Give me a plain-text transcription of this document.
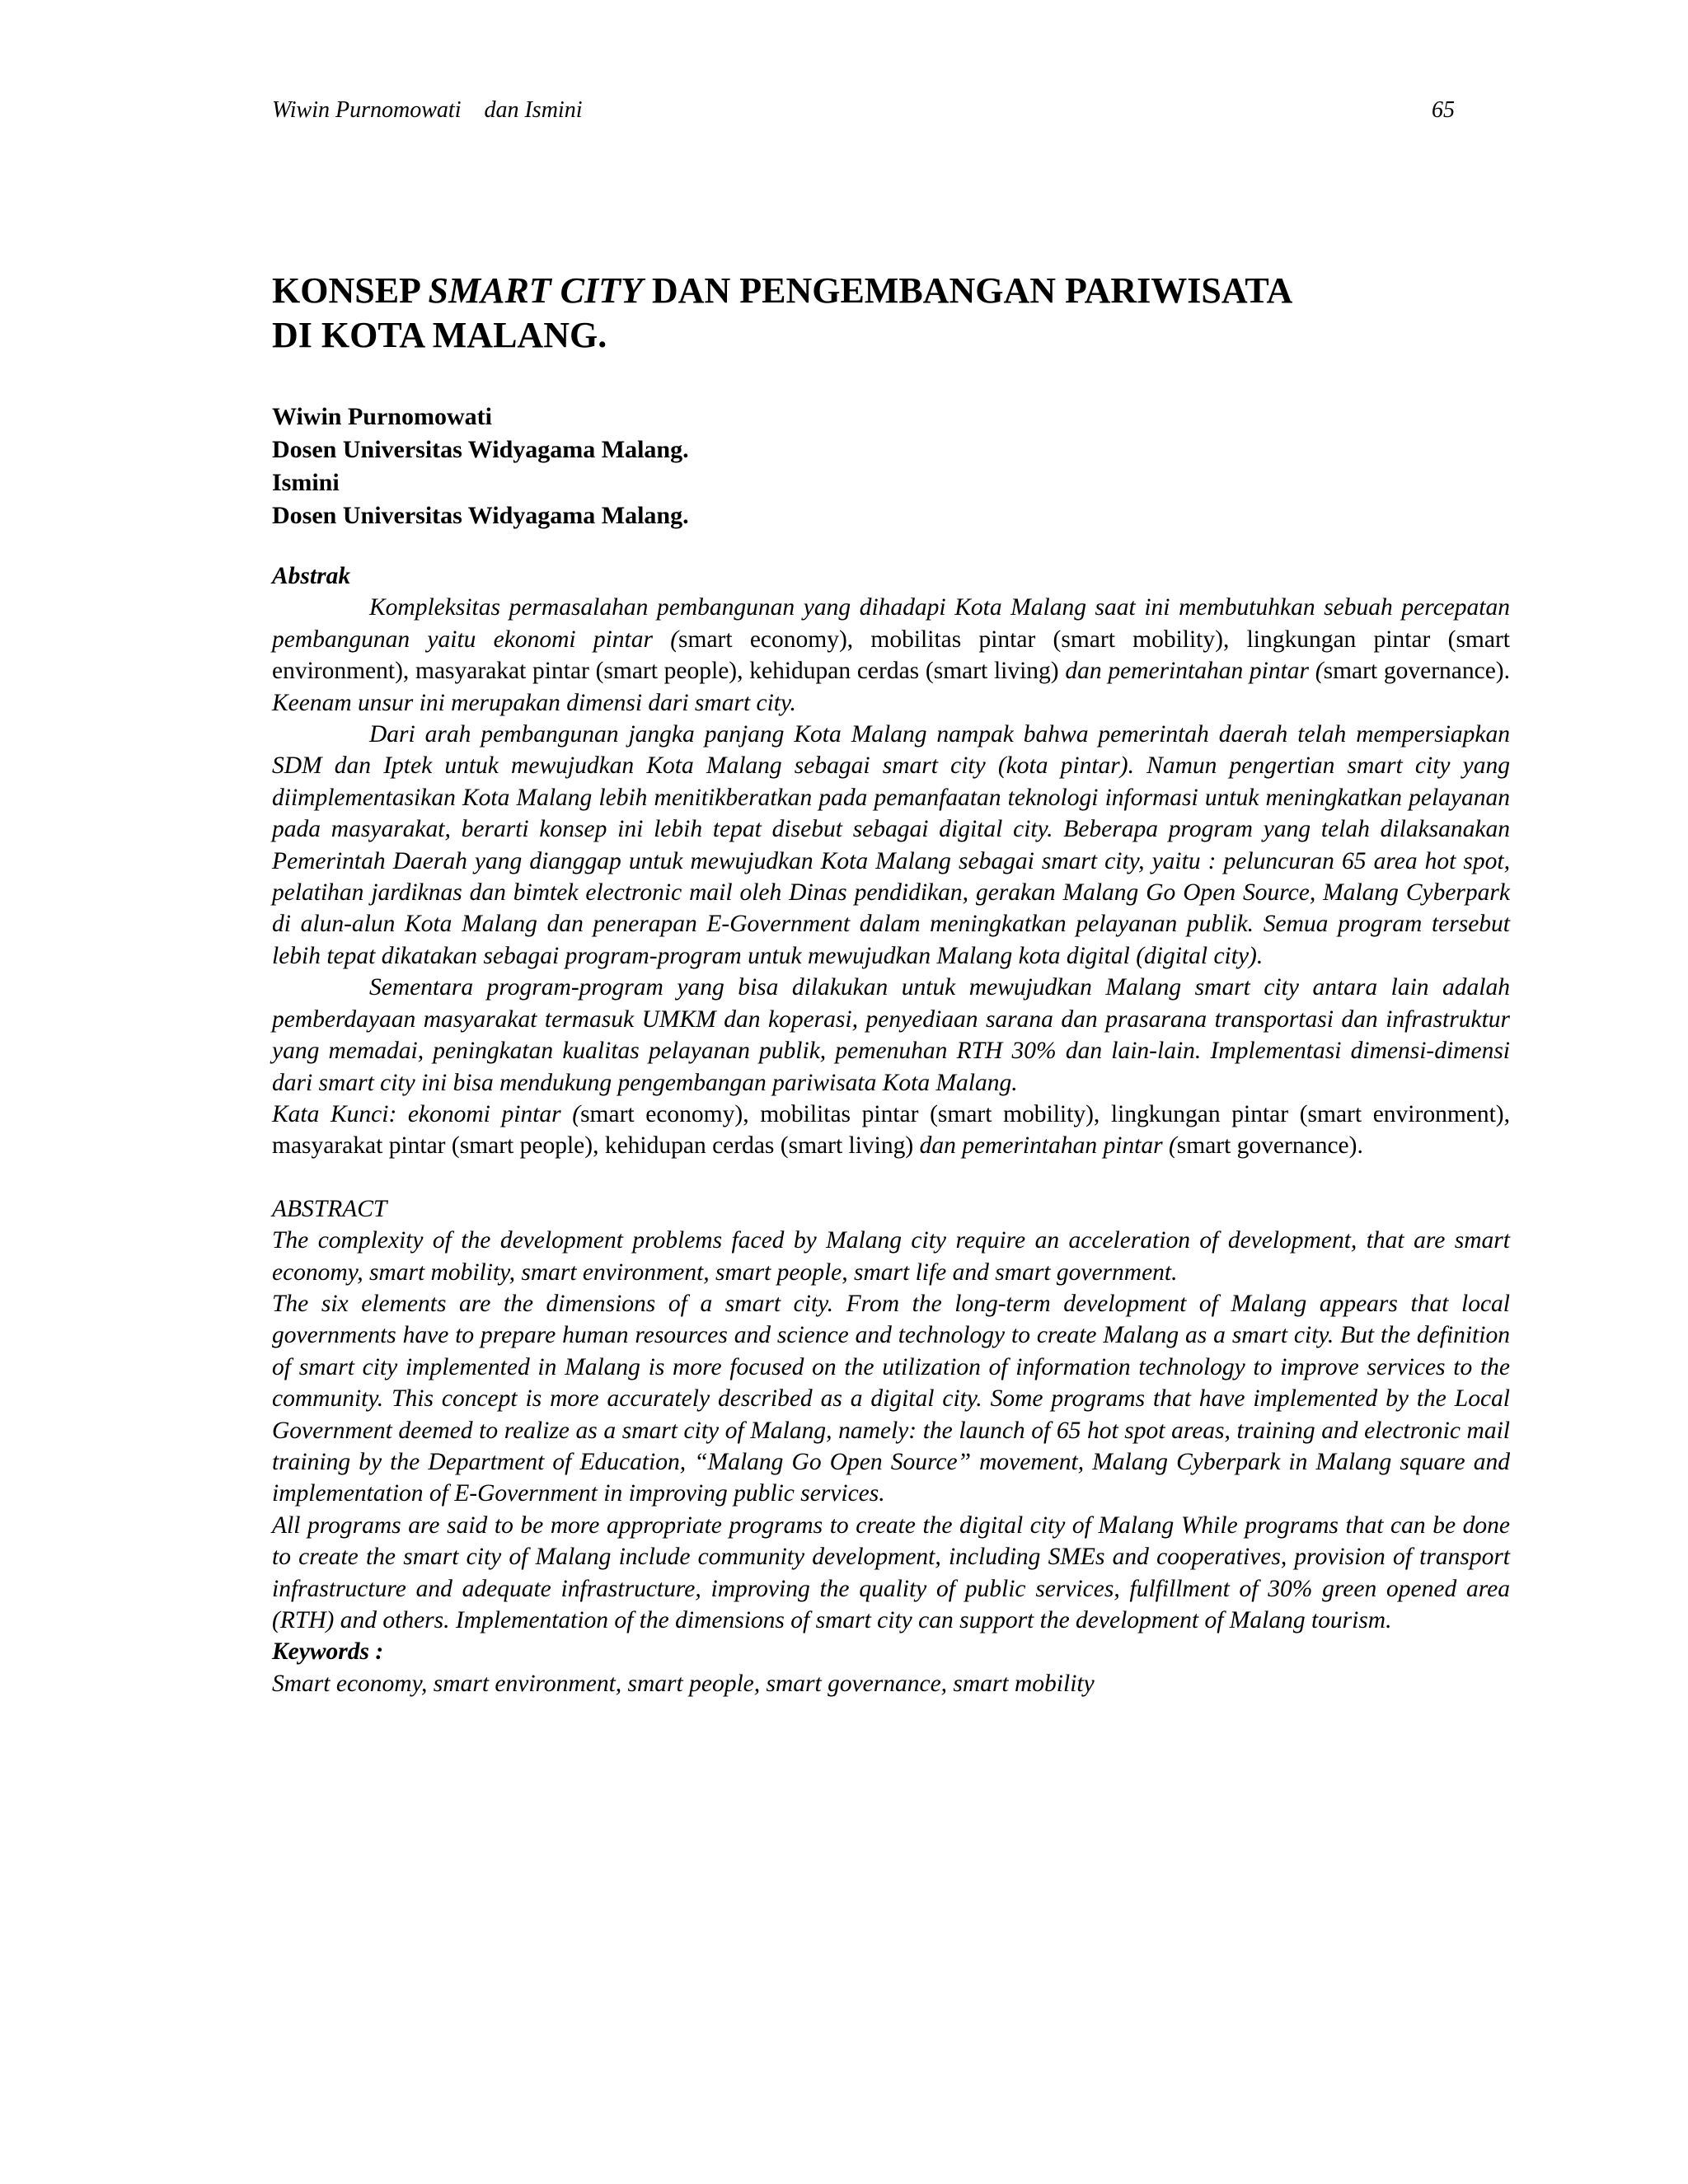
Wiwin Purnomowati    dan Ismini	65
KONSEP SMART CITY DAN PENGEMBANGAN PARIWISATA
DI KOTA MALANG.
Wiwin Purnomowati
Dosen Universitas Widyagama Malang.
Ismini
Dosen Universitas Widyagama Malang.

Abstrak

Kompleksitas permasalahan pembangunan yang dihadapi Kota Malang saat ini membutuhkan sebuah percepatan pembangunan yaitu ekonomi pintar (smart economy), mobilitas pintar (smart mobility), lingkungan pintar (smart environment), masyarakat pintar (smart people), kehidupan cerdas (smart living) dan pemerintahan pintar (smart governance). Keenam unsur ini merupakan dimensi dari smart city.

Dari arah pembangunan jangka panjang Kota Malang nampak bahwa pemerintah daerah telah mempersiapkan SDM dan Iptek untuk mewujudkan Kota Malang sebagai smart city (kota pintar). Namun pengertian smart city yang diimplementasikan Kota Malang lebih menitikberatkan pada pemanfaatan teknologi informasi untuk meningkatkan pelayanan pada masyarakat, berarti konsep ini lebih tepat disebut sebagai digital city. Beberapa program yang telah dilaksanakan Pemerintah Daerah yang dianggap untuk mewujudkan Kota Malang sebagai smart city, yaitu : peluncuran 65 area hot spot, pelatihan jardiknas dan bimtek electronic mail oleh Dinas pendidikan, gerakan Malang Go Open Source, Malang Cyberpark di alun-alun Kota Malang dan penerapan E-Government dalam meningkatkan pelayanan publik. Semua program tersebut lebih tepat dikatakan sebagai program-program untuk mewujudkan Malang kota digital (digital city).

Sementara program-program yang bisa dilakukan untuk mewujudkan Malang smart city antara lain adalah pemberdayaan masyarakat termasuk UMKM dan koperasi, penyediaan sarana dan prasarana transportasi dan infrastruktur yang memadai, peningkatan kualitas pelayanan publik, pemenuhan RTH 30% dan lain-lain. Implementasi dimensi-dimensi dari smart city ini bisa mendukung pengembangan pariwisata Kota Malang.

Kata Kunci: ekonomi pintar (smart economy), mobilitas pintar (smart mobility), lingkungan pintar (smart environment), masyarakat pintar (smart people), kehidupan cerdas (smart living) dan pemerintahan pintar (smart governance).

ABSTRACT

The complexity of the development problems faced by Malang city require an acceleration of development, that are smart economy, smart mobility, smart environment, smart people, smart life and smart government.

The six elements are the dimensions of a smart city. From the long-term development of Malang appears that local governments have to prepare human resources and science and technology to create Malang as a smart city. But the definition of smart city implemented in Malang is more focused on the utilization of information technology to improve services to the community. This concept is more accurately described as a digital city. Some programs that have implemented by the Local Government deemed to realize as a smart city of Malang, namely: the launch of 65 hot spot areas, training and electronic mail training by the Department of Education, “Malang Go Open Source” movement, Malang Cyberpark in Malang square and implementation of E-Government in improving public services.

All programs are said to be more appropriate programs to create the digital city of Malang While programs that can be done to create the smart city of Malang include community development, including SMEs and cooperatives, provision of transport infrastructure and adequate infrastructure, improving the quality of public services, fulfillment of 30% green opened area (RTH) and others. Implementation of the dimensions of smart city can support the development of Malang tourism.

Keywords :

Smart economy, smart environment, smart people, smart governance, smart mobility
